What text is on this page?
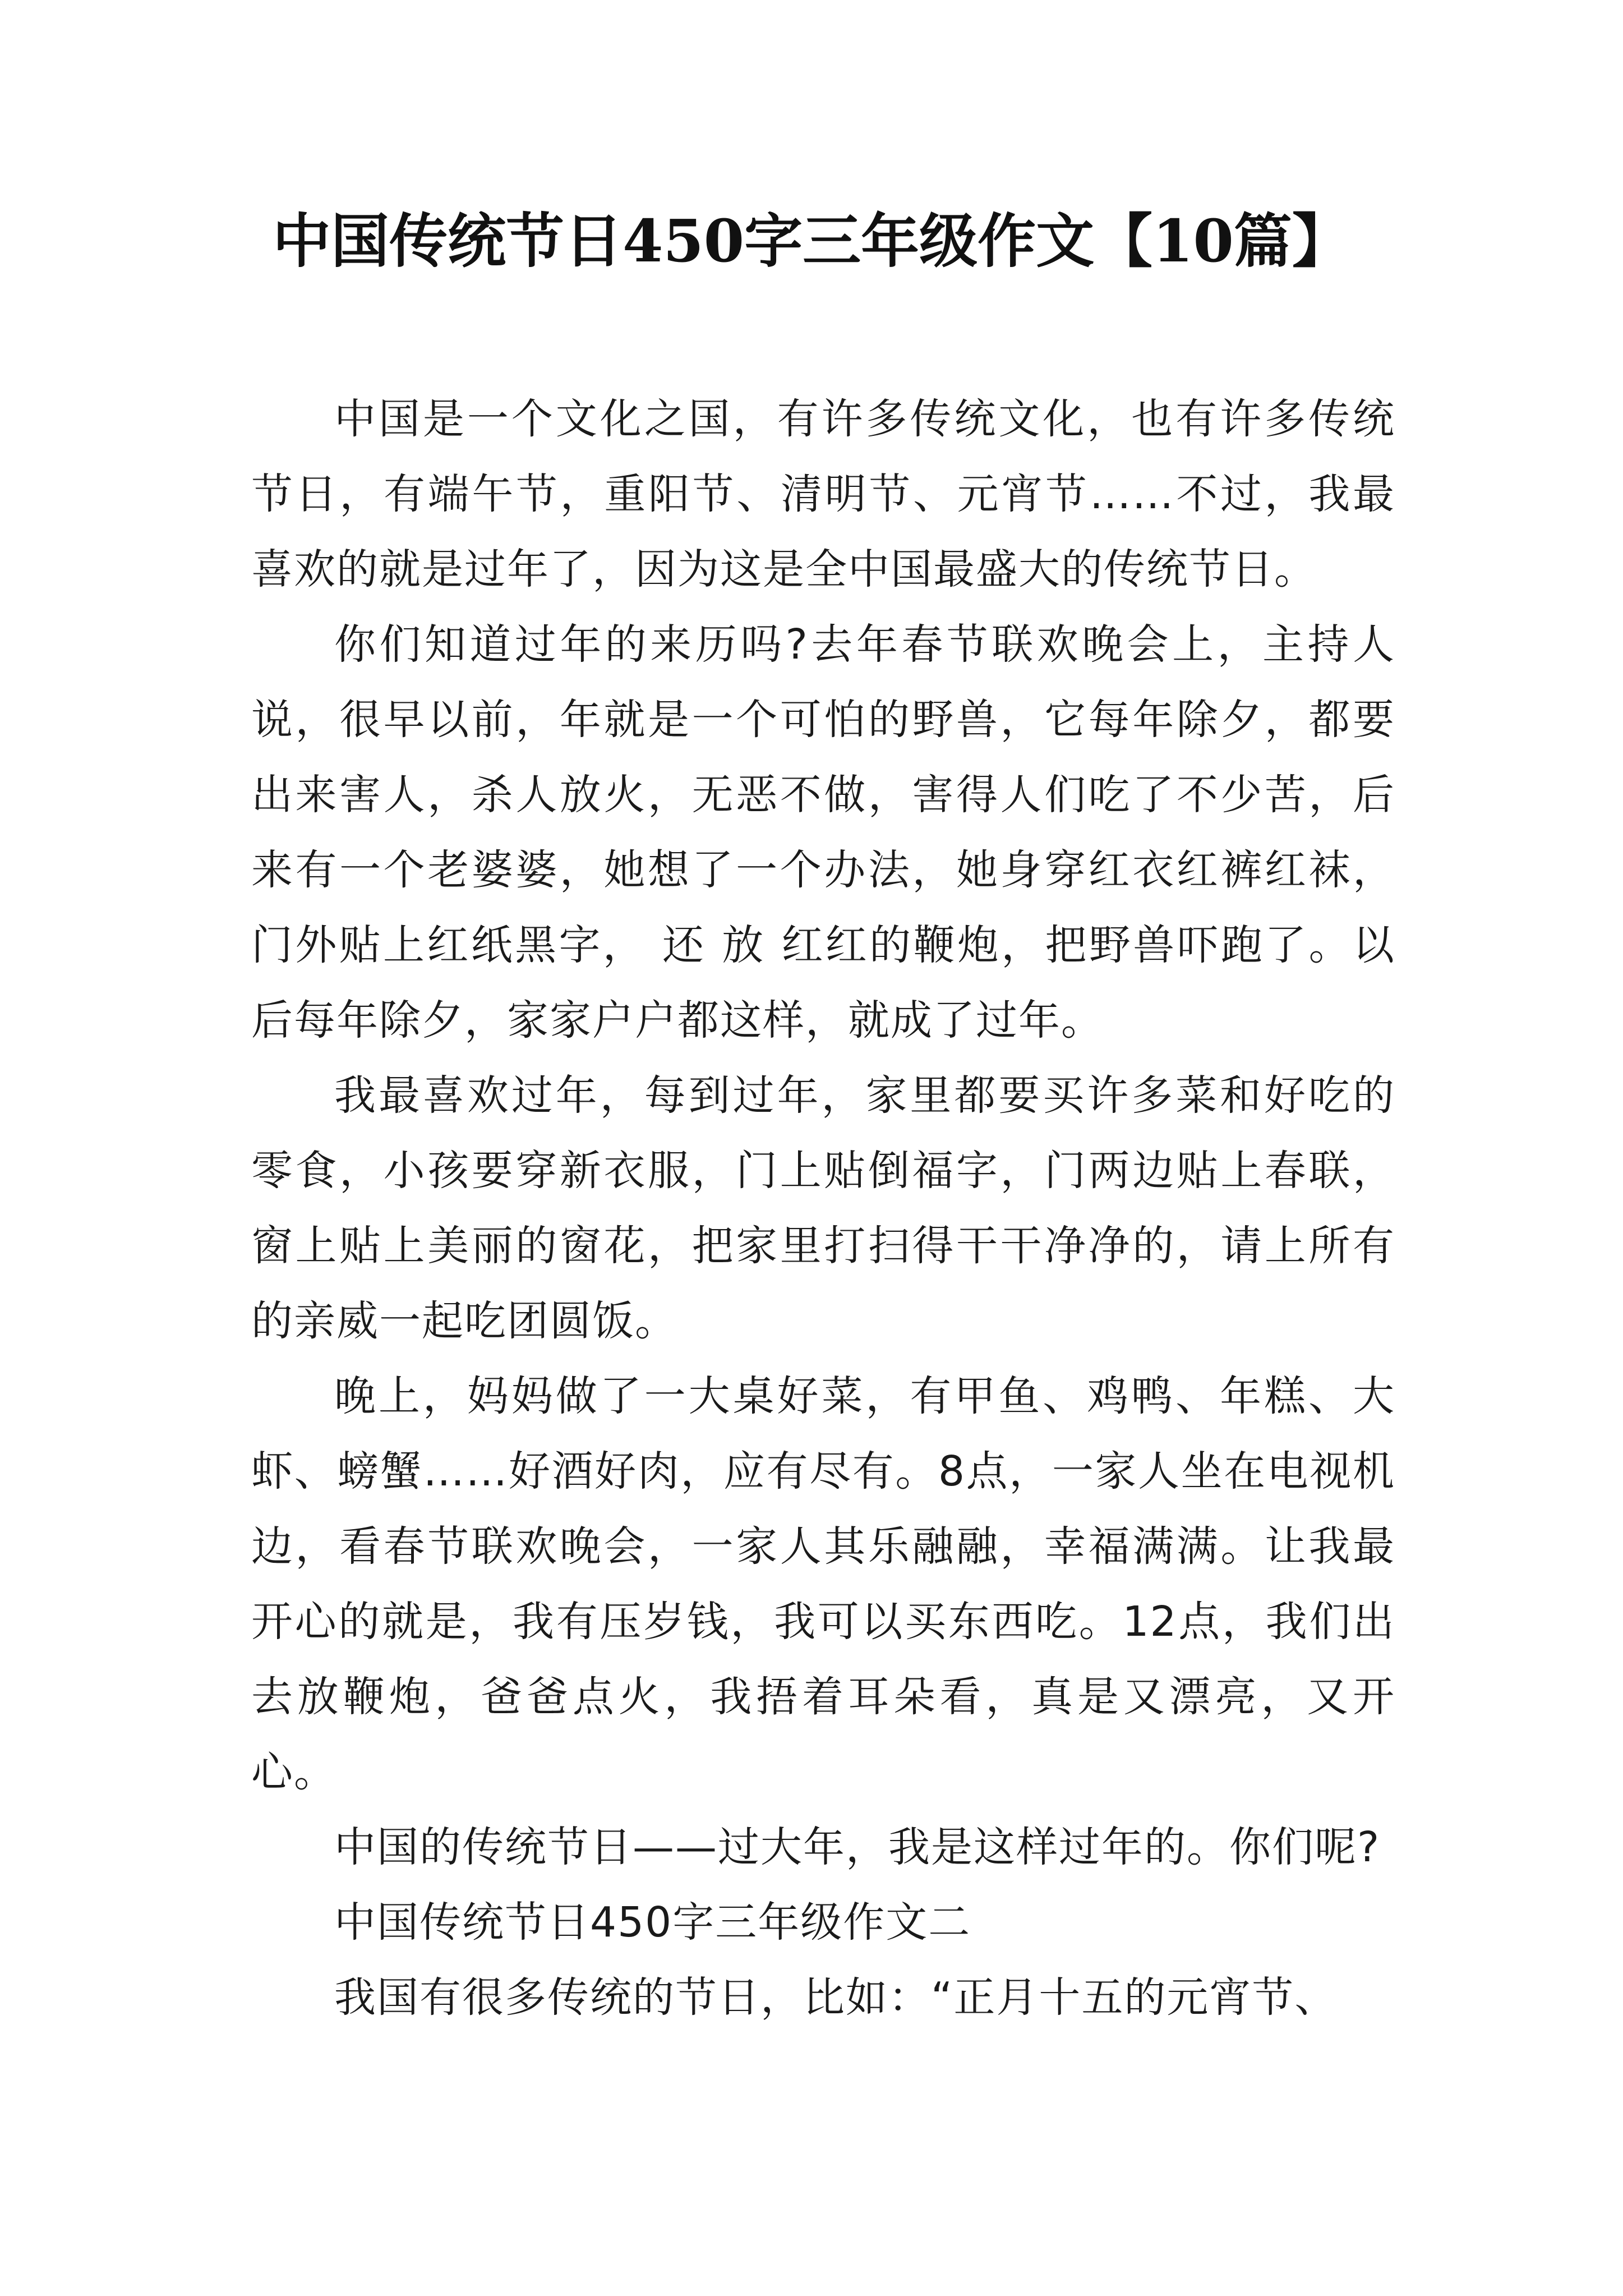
中国传统节日450字三年级作文【10篇】

中国是一个文化之国，有许多传统文化，也有许多传统节日，有端午节，重阳节、清明节、元宵节……不过，我最喜欢的就是过年了，因为这是全中国最盛大的传统节日。

你们知道过年的来历吗?去年春节联欢晚会上，主持人说，很早以前，年就是一个可怕的野兽，它每年除夕，都要出来害人，杀人放火，无恶不做，害得人们吃了不少苦，后来有一个老婆婆，她想了一个办法，她身穿红衣红裤红袜，门外贴上红纸黑字， 还 放 红红的鞭炮，把野兽吓跑了。以后每年除夕，家家户户都这样，就成了过年。

我最喜欢过年，每到过年，家里都要买许多菜和好吃的零食，小孩要穿新衣服，门上贴倒福字，门两边贴上春联，窗上贴上美丽的窗花，把家里打扫得干干净净的，请上所有的亲威一起吃团圆饭。

晚上，妈妈做了一大桌好菜，有甲鱼、鸡鸭、年糕、大虾、螃蟹……好酒好肉，应有尽有。8点，一家人坐在电视机边，看春节联欢晚会，一家人其乐融融，幸福满满。让我最开心的就是，我有压岁钱，我可以买东西吃。12点，我们出去放鞭炮，爸爸点火，我捂着耳朵看，真是又漂亮，又开心。

中国的传统节日——过大年，我是这样过年的。你们呢?

中国传统节日450字三年级作文二

我国有很多传统的节日，比如：“正月十五的元宵节、
